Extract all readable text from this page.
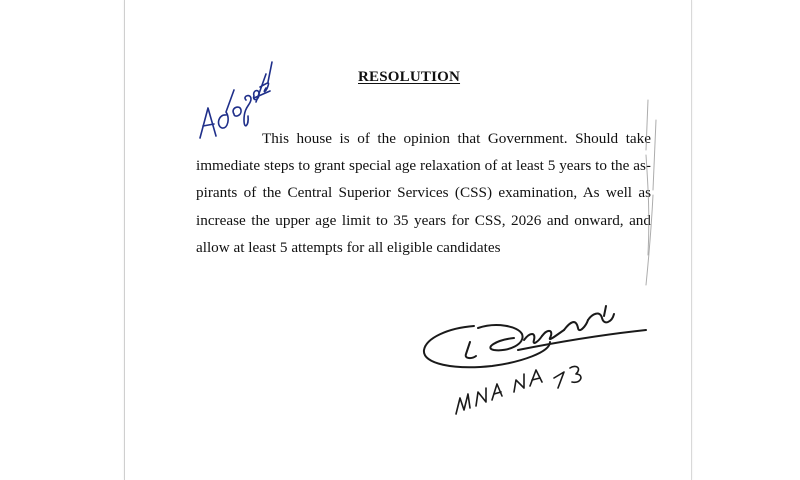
RESOLUTION

This house is of the opinion that Government. Should take immediate steps to grant special age relaxation of at least 5 years to the as-pirants of the Central Superior Services (CSS) examination, As well as increase the upper age limit to 35 years for CSS, 2026 and onward, and allow at least 5 attempts for all eligible candidates
